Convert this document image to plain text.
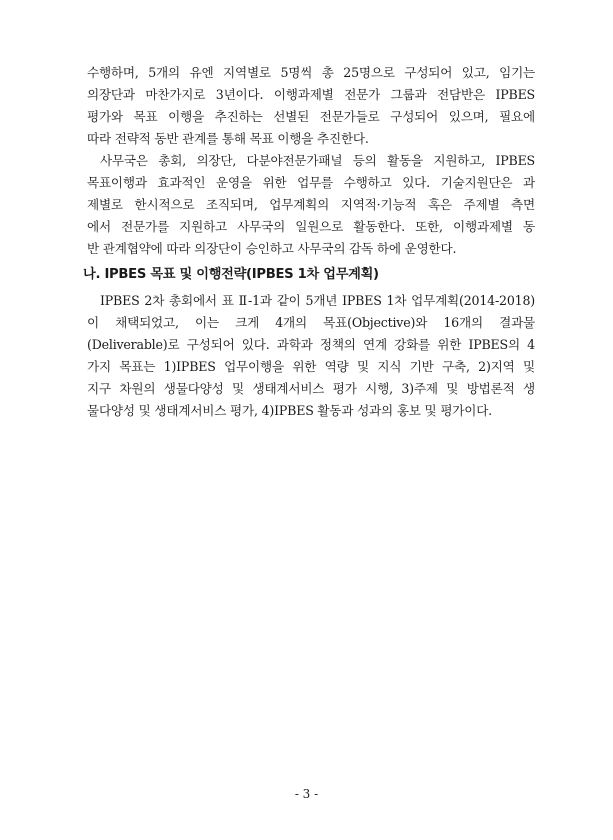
수행하며, 5개의 유엔 지역별로 5명씩 총 25명으로 구성되어 있고, 임기는
의장단과 마찬가지로 3년이다. 이행과제별 전문가 그룹과 전담반은 IPBES
평가와 목표 이행을 추진하는 선별된 전문가들로 구성되어 있으며, 필요에
따라 전략적 동반 관계를 통해 목표 이행을 추진한다.
사무국은 총회, 의장단, 다분야전문가패널 등의 활동을 지원하고, IPBES
목표이행과 효과적인 운영을 위한 업무를 수행하고 있다. 기술지원단은 과
제별로 한시적으로 조직되며, 업무계획의 지역적·기능적 혹은 주제별 측면
에서 전문가를 지원하고 사무국의 일원으로 활동한다. 또한, 이행과제별 동
반 관계협약에 따라 의장단이 승인하고 사무국의 감독 하에 운영한다.
나. IPBES 목표 및 이행전략(IPBES 1차 업무계획)
IPBES 2차 총회에서 표 Ⅱ-1과 같이 5개년 IPBES 1차 업무계획(2014-2018)
이   채택되었고,   이는   크게   4개의   목표(Objective)와   16개의   결과물
(Deliverable)로 구성되어 있다. 과학과 정책의 연계 강화를 위한 IPBES의 4
가지 목표는 1)IPBES 업무이행을 위한 역량 및 지식 기반 구축, 2)지역 및
지구 차원의 생물다양성 및 생태계서비스 평가 시행, 3)주제 및 방법론적 생
물다양성 및 생태계서비스 평가, 4)IPBES 활동과 성과의 홍보 및 평가이다.
- 3 -
